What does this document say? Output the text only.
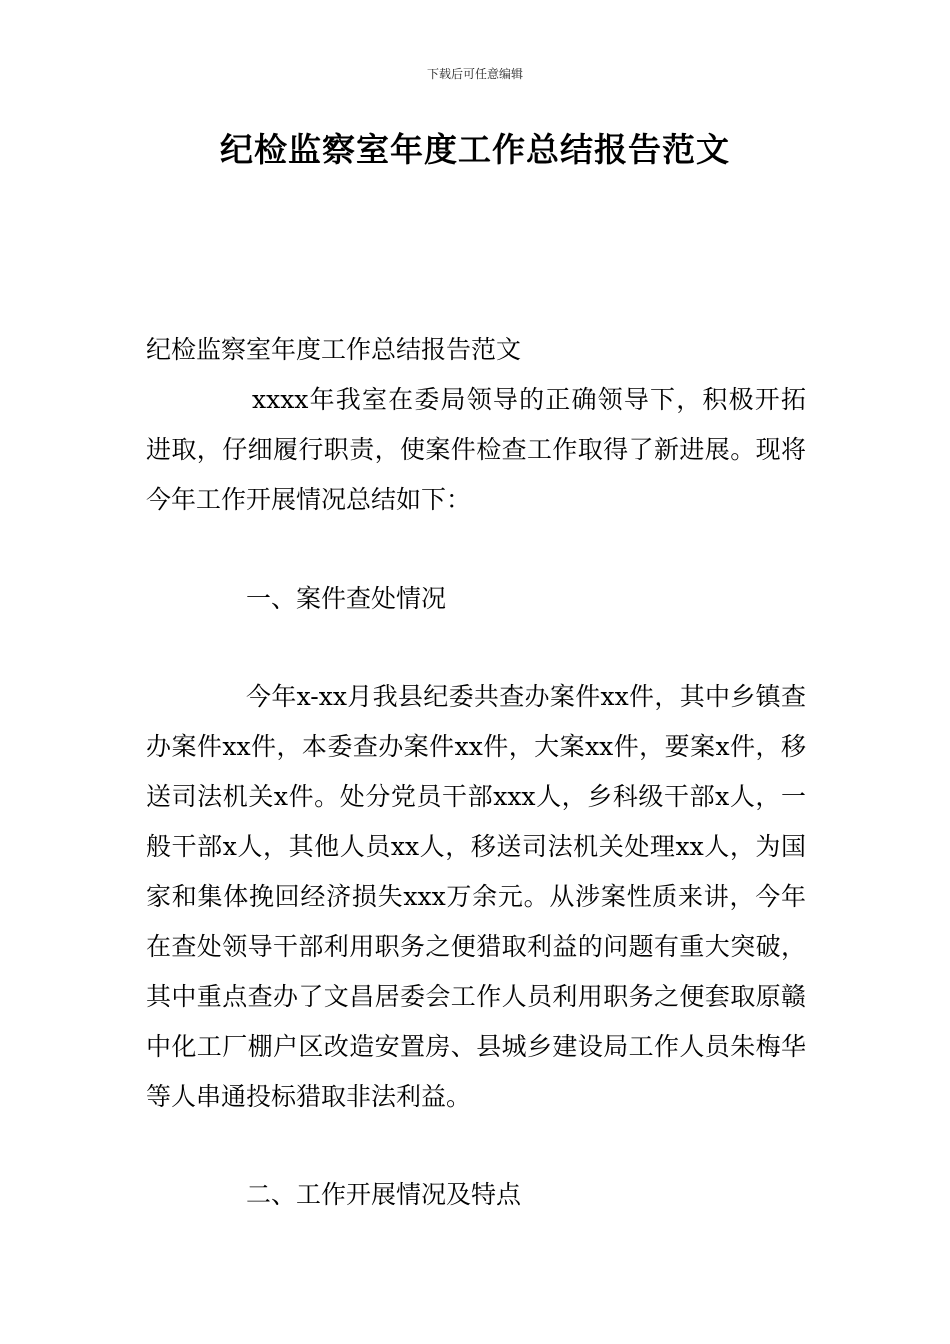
下载后可任意编辑
纪检监察室年度工作总结报告范文

纪检监察室年度工作总结报告范文

xxxx年我室在委局领导的正确领导下，积极开拓进取，仔细履行职责，使案件检查工作取得了新进展。现将今年工作开展情况总结如下：

一、案件查处情况

今年x-xx月我县纪委共查办案件xx件，其中乡镇查办案件xx件，本委查办案件xx件，大案xx件，要案x件，移送司法机关x件。处分党员干部xxx人，乡科级干部x人，一般干部x人，其他人员xx人，移送司法机关处理xx人，为国家和集体挽回经济损失xxx万余元。从涉案性质来讲，今年在查处领导干部利用职务之便猎取利益的问题有重大突破，其中重点查办了文昌居委会工作人员利用职务之便套取原赣中化工厂棚户区改造安置房、县城乡建设局工作人员朱梅华等人串通投标猎取非法利益。

二、工作开展情况及特点
